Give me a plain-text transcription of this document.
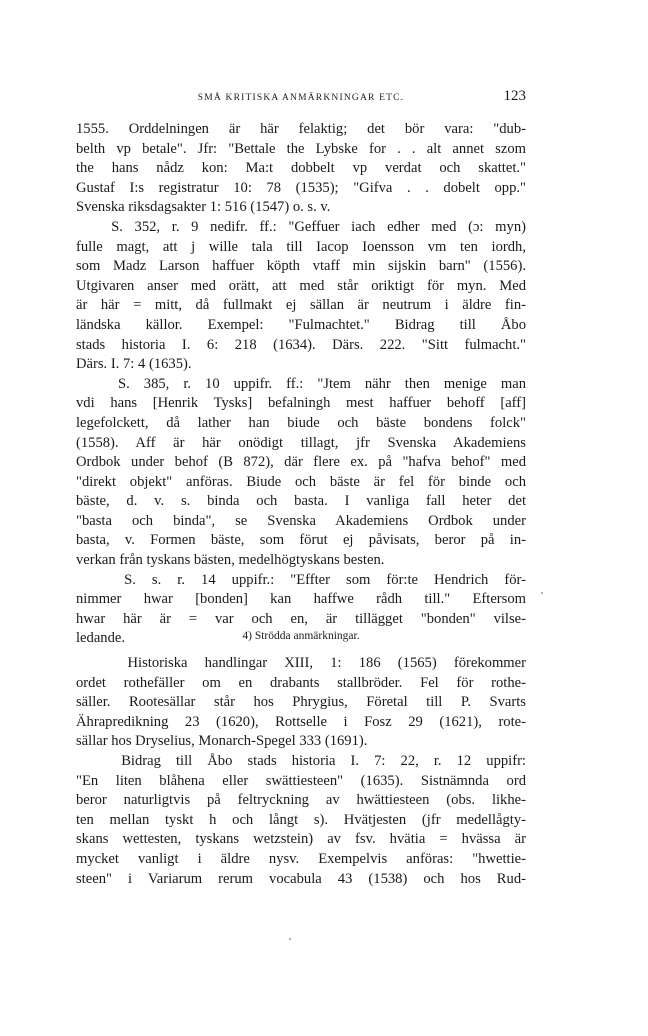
SMÅ KRITISKA ANMÄRKNINGAR ETC.	123
1555. Orddelningen är här felaktig; det bör vara: "dub-
belth vp betale". Jfr: "Bettale the Lybske for . . alt annet szom
the hans nådz kon: Ma:t dobbelt vp verdat och skattet."
Gustaf I:s registratur 10: 78 (1535); "Gifva . . dobelt opp."
Svenska riksdagsakter 1: 516 (1547) o. s. v.
S. 352, r. 9 nedifr. ff.: "Geffuer iach edher med (ɔ: myn)
fulle magt, att j wille tala till Iacop Ioensson vm ten iordh,
som Madz Larson haffuer köpth vtaff min sijskin barn" (1556).
Utgivaren anser med orätt, att med står oriktigt för myn. Med
är här = mitt, då fullmakt ej sällan är neutrum i äldre fin-
ländska källor. Exempel: "Fulmachtet." Bidrag till Åbo
stads historia I. 6: 218 (1634). Därs. 222. "Sitt fulmacht."
Därs. I. 7: 4 (1635).
S. 385, r. 10 uppifr. ff.: "Jtem nähr then menige man
vdi hans [Henrik Tysks] befalningh mest haffuer behoff [aff]
legefolckett, då lather han biude och bäste bondens folck"
(1558). Aff är här onödigt tillagt, jfr Svenska Akademiens
Ordbok under behof (B 872), där flere ex. på "hafva behof" med
"direkt objekt" anföras. Biude och bäste är fel för binde och
bäste, d. v. s. binda och basta. I vanliga fall heter det
"basta och binda", se Svenska Akademiens Ordbok under
basta, v. Formen bäste, som förut ej påvisats, beror på in-
verkan från tyskans bästen, medelhögtyskans besten.
S. s. r. 14 uppifr.: "Effter som för:te Hendrich för-
nimmer hwar [bonden] kan haffwe rådh till." Eftersom
hwar här är = var och en, är tillägget "bonden" vilse-
ledande.	4) Strödda anmärkningar.
Historiska handlingar XIII, 1: 186 (1565) förekommer
ordet rothefäller om en drabants stallbröder. Fel för rothe-
säller. Rootesällar står hos Phrygius, Företal till P. Svarts
Ährapredikning 23 (1620), Rottselle i Fosz 29 (1621), rote-
sällar hos Dryselius, Monarch-Spegel 333 (1691).
Bidrag till Åbo stads historia I. 7: 22, r. 12 uppifr:
"En liten blåhena eller swättiesteen" (1635). Sistnämnda ord
beror naturligtvis på feltryckning av hwättiesteen (obs. likhe-
ten mellan tyskt h och långt s). Hvätjesten (jfr medellågty-
skans wettesten, tyskans wetzstein) av fsv. hvätia = hvässa är
mycket vanligt i äldre nysv. Exempelvis anföras: "hwettie-
steen" i Variarum rerum vocabula 43 (1538) och hos Rud-
